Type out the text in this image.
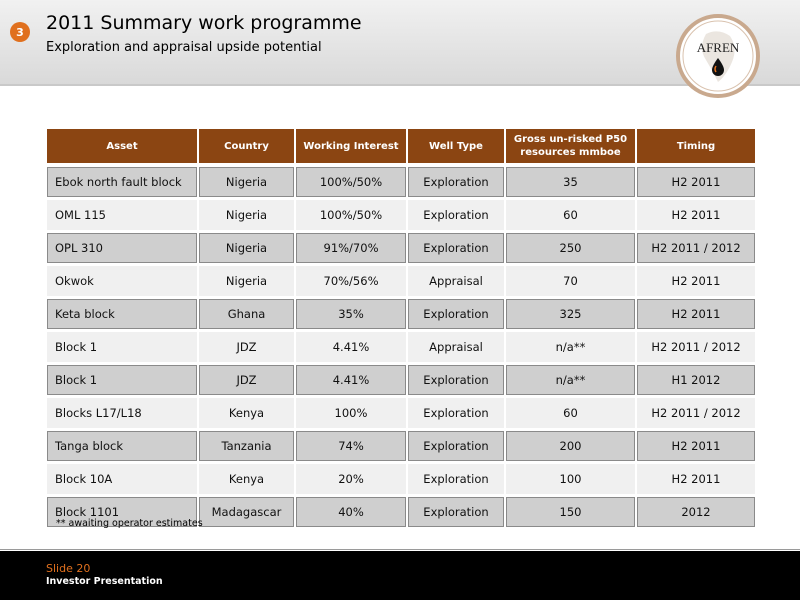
3	2011 Summary work programme
Exploration and appraisal upside potential	AFREN
Asset	Country	Working Interest	Well Type	Gross un-risked P50 resources mmboe	Timing
Ebok north fault block	Nigeria	100%/50%	Exploration	35	H2 2011
OML 115	Nigeria	100%/50%	Exploration	60	H2 2011
OPL 310	Nigeria	91%/70%	Exploration	250	H2 2011 / 2012
Okwok	Nigeria	70%/56%	Appraisal	70	H2 2011
Keta block	Ghana	35%	Exploration	325	H2 2011
Block 1	JDZ	4.41%	Appraisal	n/a**	H2 2011 / 2012
Block 1	JDZ	4.41%	Exploration	n/a**	H1 2012
Blocks L17/L18	Kenya	100%	Exploration	60	H2 2011 / 2012
Tanga block	Tanzania	74%	Exploration	200	H2 2011
Block 10A	Kenya	20%	Exploration	100	H2 2011
Block 1101	Madagascar	40%	Exploration	150	2012
** awaiting operator estimates
Slide 20
Investor Presentation
